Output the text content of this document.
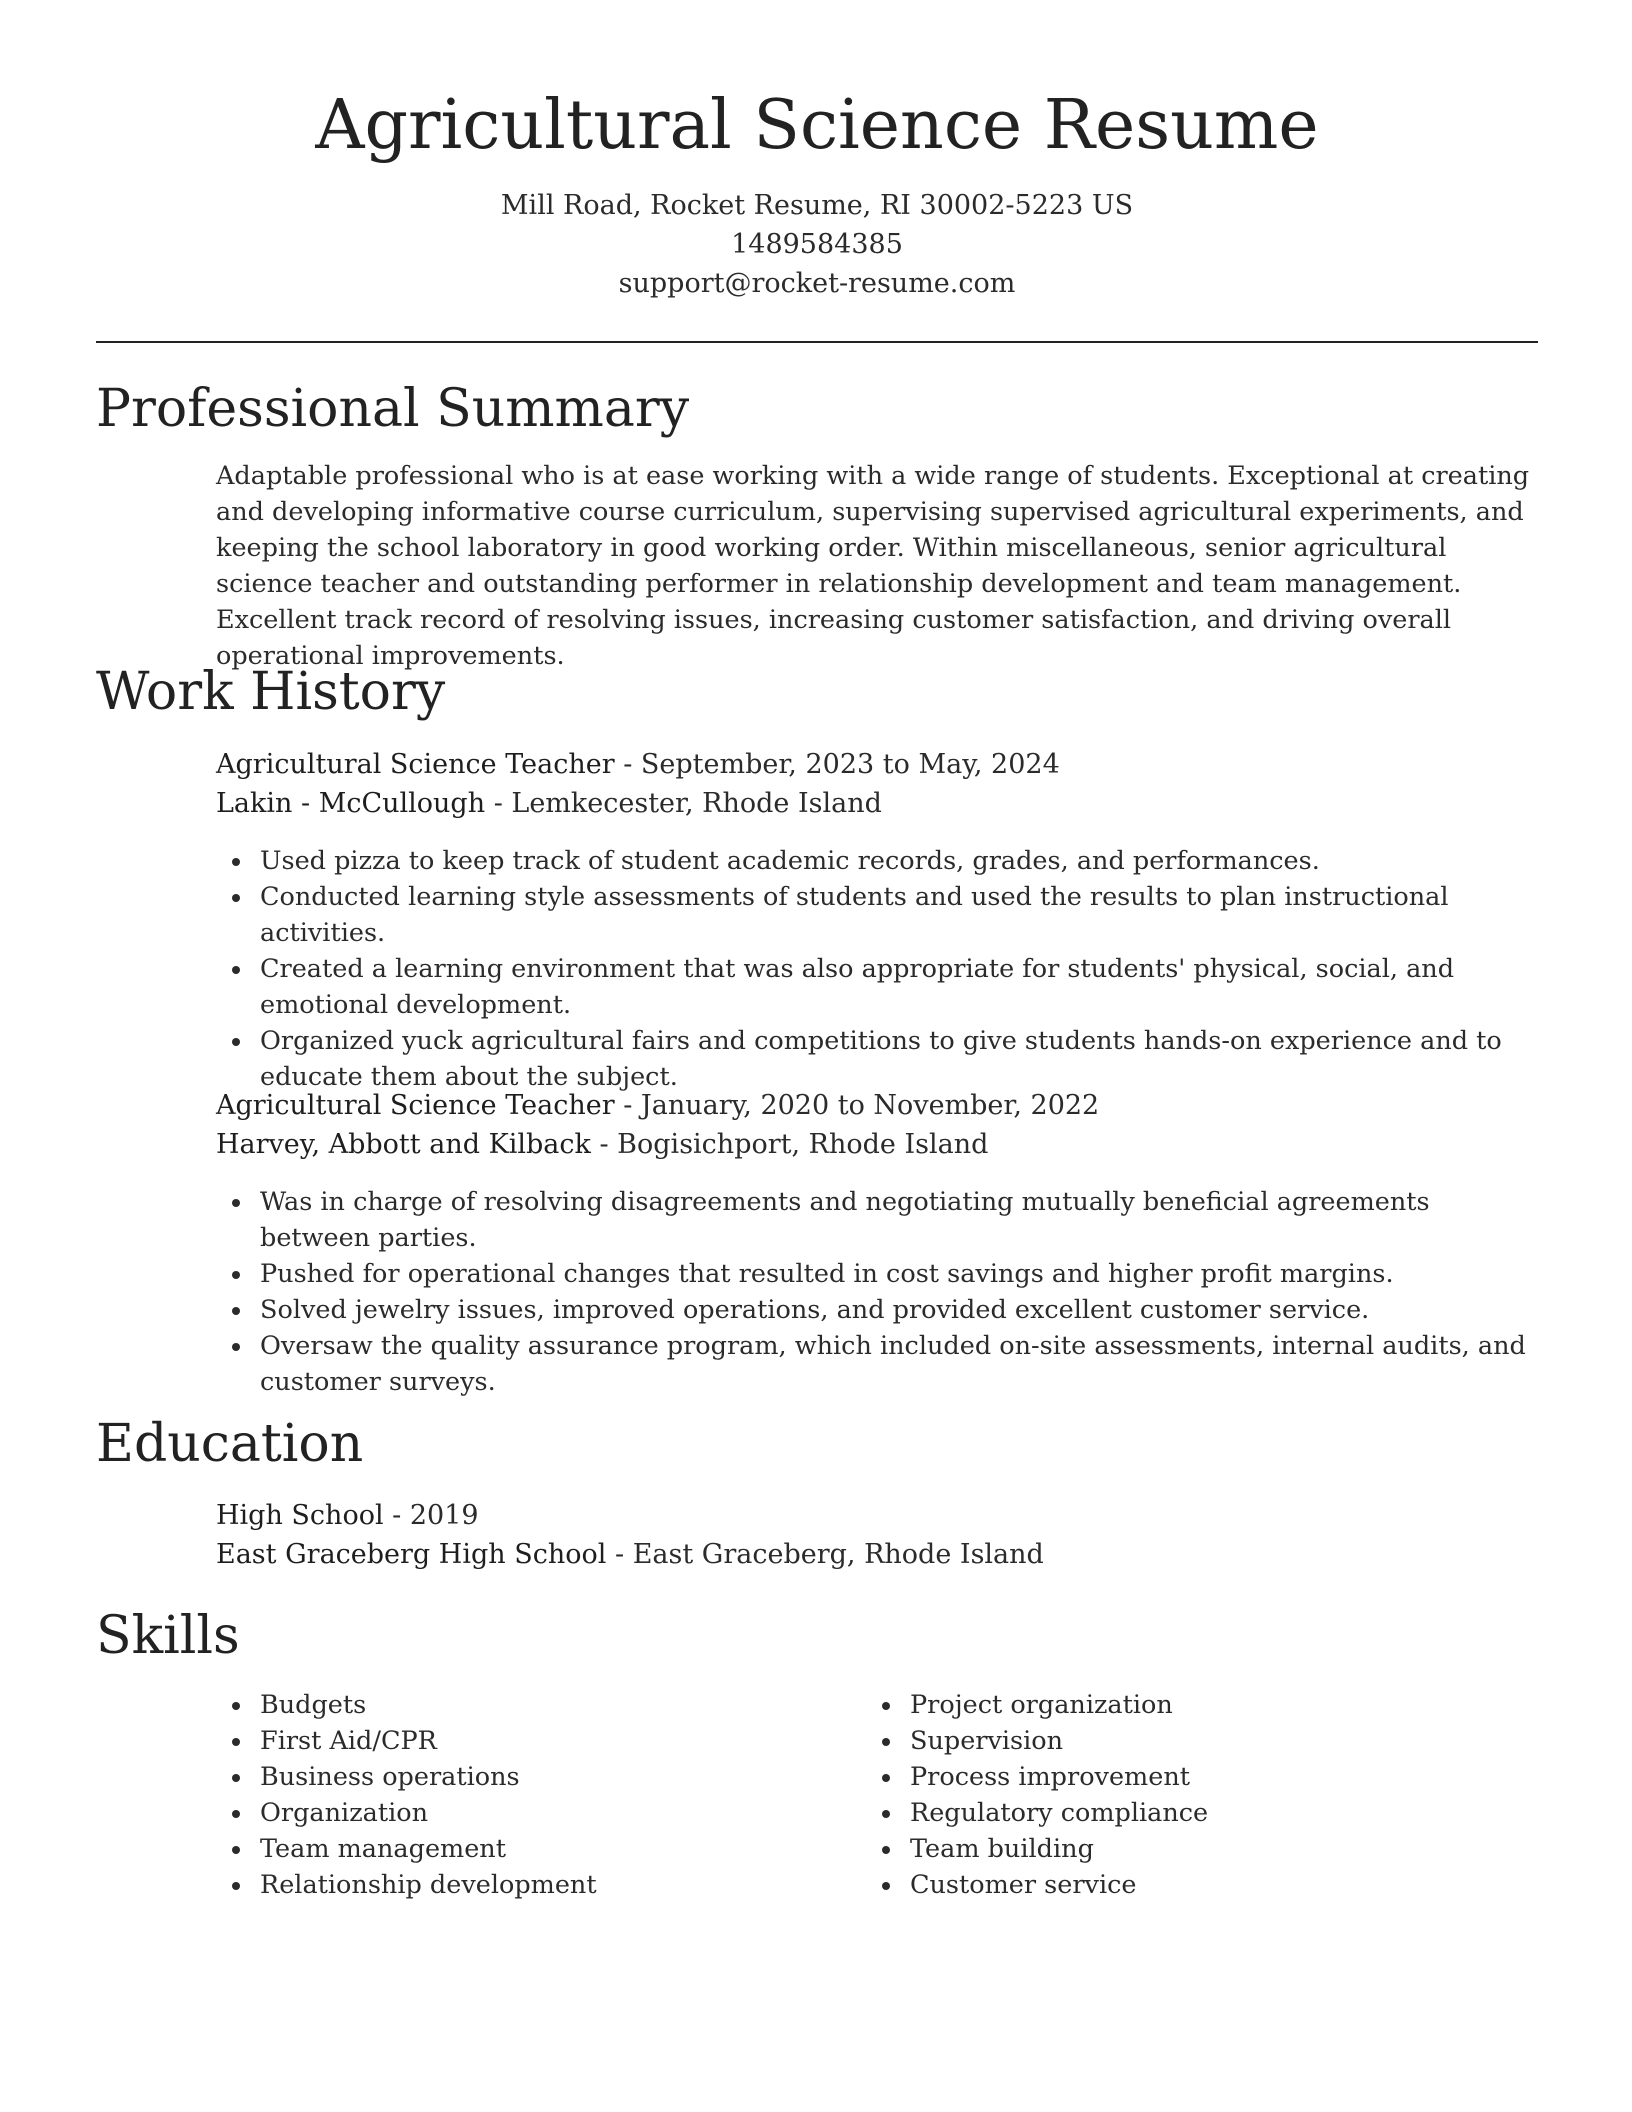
Agricultural Science Resume
Mill Road, Rocket Resume, RI 30002-5223 US
1489584385
support@rocket-resume.com
Professional Summary

Adaptable professional who is at ease working with a wide range of students. Exceptional at creating and developing informative course curriculum, supervising supervised agricultural experiments, and keeping the school laboratory in good working order. Within miscellaneous, senior agricultural science teacher and outstanding performer in relationship development and team management. Excellent track record of resolving issues, increasing customer satisfaction, and driving overall operational improvements.

Work History

Agricultural Science Teacher - September, 2023 to May, 2024

Lakin - McCullough - Lemkecester, Rhode Island

Used pizza to keep track of student academic records, grades, and performances.
Conducted learning style assessments of students and used the results to plan instructional activities.
Created a learning environment that was also appropriate for students' physical, social, and emotional development.
Organized yuck agricultural fairs and competitions to give students hands-on experience and to educate them about the subject.

Agricultural Science Teacher - January, 2020 to November, 2022

Harvey, Abbott and Kilback - Bogisichport, Rhode Island

Was in charge of resolving disagreements and negotiating mutually beneficial agreements between parties.
Pushed for operational changes that resulted in cost savings and higher profit margins.
Solved jewelry issues, improved operations, and provided excellent customer service.
Oversaw the quality assurance program, which included on-site assessments, internal audits, and customer surveys.
Education

High School - 2019

East Graceberg High School - East Graceberg, Rhode Island

Skills
Budgets
First Aid/CPR
Business operations
Organization
Team management
Relationship development
Project organization
Supervision
Process improvement
Regulatory compliance
Team building
Customer service
